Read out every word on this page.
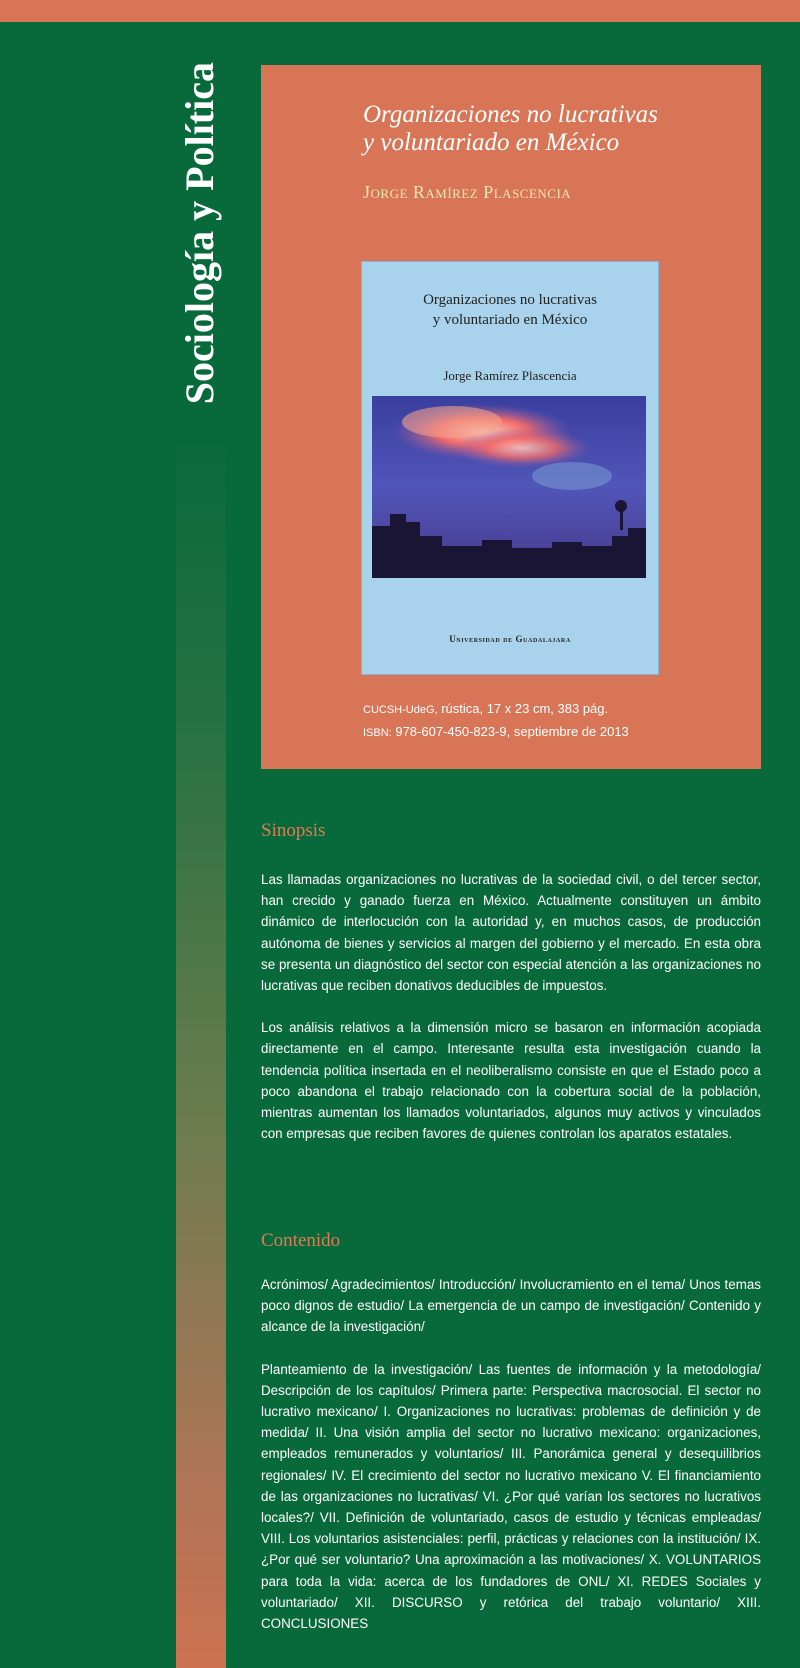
Sociología y Política	Organizaciones no lucrativas
y voluntariado en México
Jorge Ramírez Plascencia
Organizaciones no lucrativas
y voluntariado en México
Jorge Ramírez Plascencia
Universidad de Guadalajara
CUCSH-UdeG, rústica, 17 x 23 cm, 383 pág.
ISBN: 978-607-450-823-9, septiembre de 2013
Sinopsis

Las llamadas organizaciones no lucrativas de la sociedad civil, o del tercer sector, han crecido y ganado fuerza en México. Actualmente constituyen un ámbito dinámico de interlocución con la autoridad y, en muchos casos, de producción autónoma de bienes y servicios al margen del gobierno y el mercado. En esta obra se presenta un diagnóstico del sector con especial atención a las organizaciones no lucrativas que reciben donativos deducibles de impuestos.

Los análisis relativos a la dimensión micro se basaron en información acopiada directamente en el campo. Interesante resulta esta investigación cuando la tendencia política insertada en el neoliberalismo consiste en que el Estado poco a poco abandona el trabajo relacionado con la cobertura social de la población, mientras aumentan los llamados voluntariados, algunos muy activos y vinculados con empresas que reciben favores de quienes controlan los aparatos estatales.

Contenido

Acrónimos/ Agradecimientos/ Introducción/ Involucramiento en el tema/ Unos temas poco dignos de estudio/ La emergencia de un campo de investigación/ Contenido y alcance de la investigación/

Planteamiento de la investigación/ Las fuentes de información y la metodología/ Descripción de los capítulos/ Primera parte: Perspectiva macrosocial. El sector no lucrativo mexicano/ I. Organizaciones no lucrativas: problemas de definición y de medida/ II. Una visión amplia del sector no lucrativo mexicano: organizaciones, empleados remunerados y voluntarios/ III. Panorámica general y desequilibrios regionales/ IV. El crecimiento del sector no lucrativo mexicano V. El financiamiento de las organizaciones no lucrativas/ VI. ¿Por qué varían los sectores no lucrativos locales?/ VII. Definición de voluntariado, casos de estudio y técnicas empleadas/ VIII. Los voluntarios asistenciales: perfil, prácticas y relaciones con la institución/ IX. ¿Por qué ser voluntario? Una aproximación a las motivaciones/ X. VOLUNTARIOS para toda la vida: acerca de los fundadores de ONL/ XI. REDES Sociales y voluntariado/ XII. DISCURSO y retórica del trabajo voluntario/ XIII. CONCLUSIONES
